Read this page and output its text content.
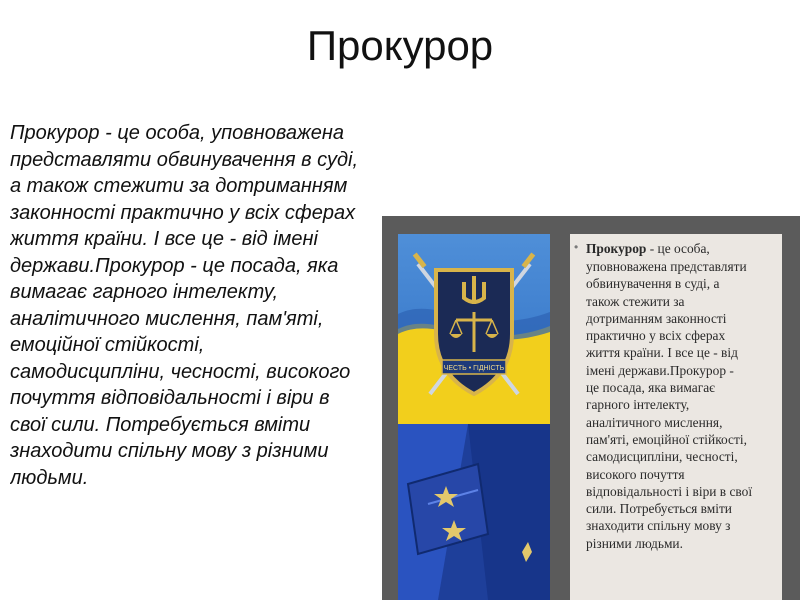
Прокурор
Прокурор - це особа, уповноважена представляти обвинувачення в суді, а також стежити за дотриманням законності практично у всіх сферах життя країни. І все це - від імені держави.Прокурор - це посада, яка вимагає гарного інтелекту, аналітичного мислення, пам'яті, емоційної стійкості, самодисципліни, чесності, високого почуття відповідальності і віри в свої сили. Потребується вміти знаходити спільну мову з різними людьми.
ЧЕСТЬ • ГІДНІСТЬ
• Прокурор - це особа,
уповноважена представляти
обвинувачення в суді, а
також стежити за
дотриманням законності
практично у всіх сферах
життя країни. І все це - від
імені держави.Прокурор -
це посада, яка вимагає
гарного інтелекту,
аналітичного мислення,
пам'яті, емоційної стійкості,
самодисципліни, чесності,
високого почуття
відповідальності і віри в свої
сили. Потребується вміти
знаходити спільну мову з
різними людьми.
